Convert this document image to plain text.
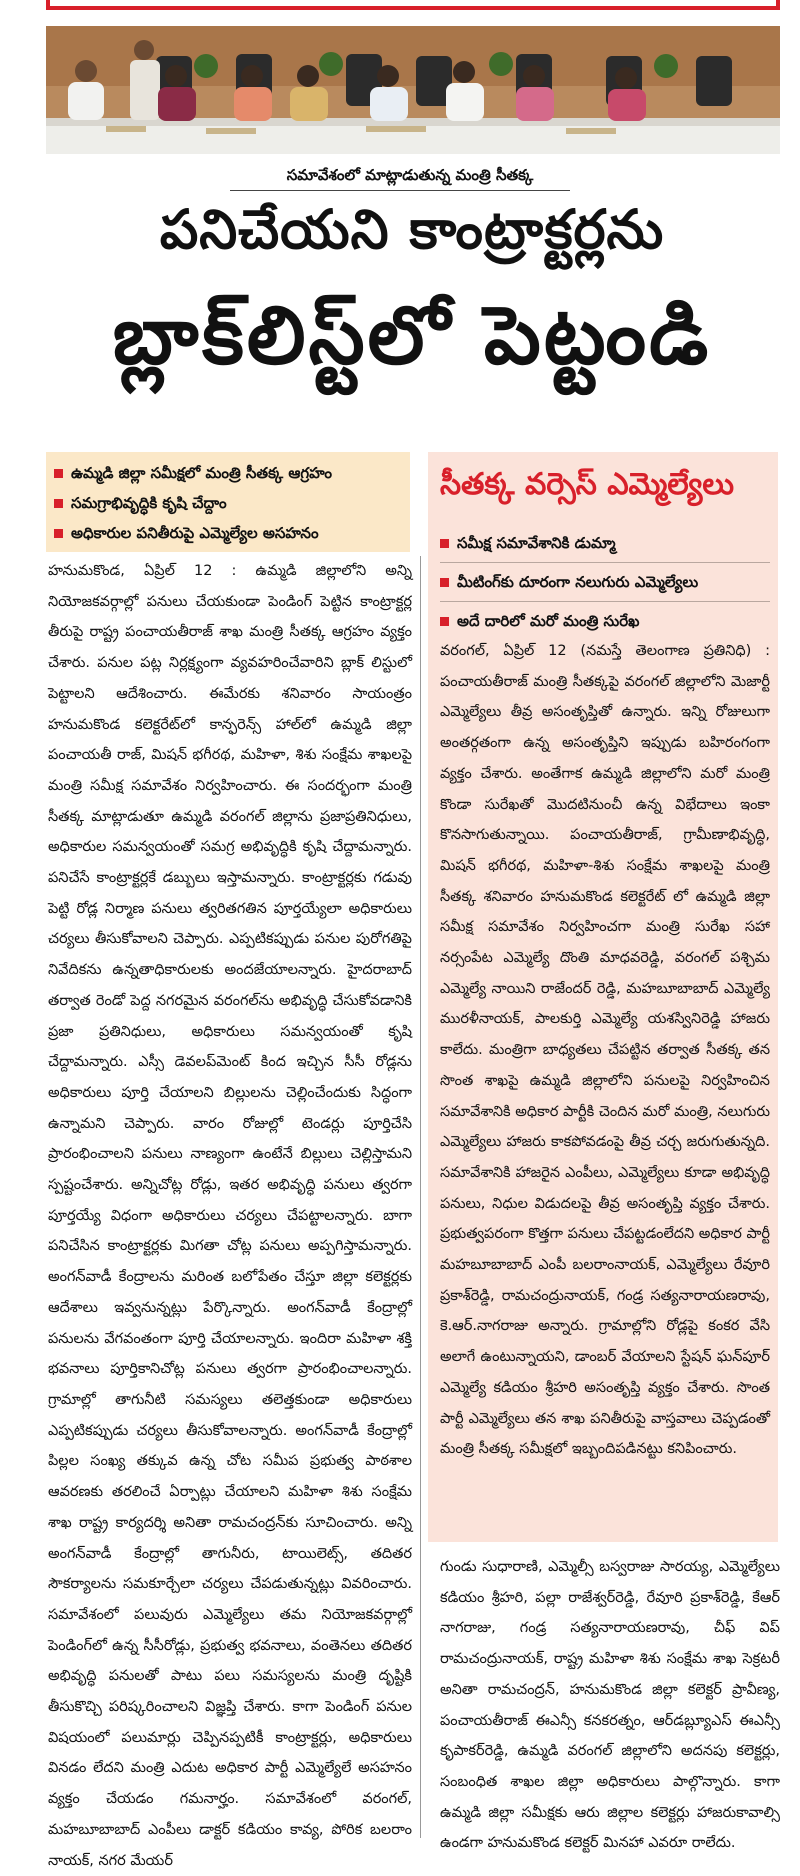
సమావేశంలో మాట్లాడుతున్న మంత్రి సీతక్క
పనిచేయని కాంట్రాక్టర్లను
బ్లాక్‌లిస్ట్‌లో పెట్టండి
ఉమ్మడి జిల్లా సమీక్షలో మంత్రి సీతక్క ఆగ్రహం
సమగ్రాభివృద్ధికి కృషి చేద్దాం
అధికారుల పనితీరుపై ఎమ్మెల్యేల అసహనం
సీతక్క వర్సెస్ ఎమ్మెల్యేలు
సమీక్ష సమావేశానికి డుమ్మా
మీటింగ్‌కు దూరంగా నలుగురు ఎమ్మెల్యేలు
అదే దారిలో మరో మంత్రి సురేఖ
హనుమకొండ, ఏప్రిల్ 12 : ఉమ్మడి జిల్లాలోని అన్ని నియోజకవర్గాల్లో పనులు చేయకుండా పెండింగ్ పెట్టిన కాంట్రాక్టర్ల తీరుపై రాష్ట్ర పంచాయతీరాజ్ శాఖ మంత్రి సీతక్క ఆగ్రహం వ్యక్తం చేశారు. పనుల పట్ల నిర్లక్ష్యంగా వ్యవహరించేవారిని బ్లాక్ లిస్టులో పెట్టాలని ఆదేశించారు. ఈమేరకు శనివారం సాయంత్రం హనుమకొండ కలెక్టరేట్‌లో కాన్ఫరెన్స్ హాల్‌లో ఉమ్మడి జిల్లా పంచాయతీ రాజ్, మిషన్ భగీరథ, మహిళా, శిశు సంక్షేమ శాఖలపై మంత్రి సమీక్ష సమావేశం నిర్వహించారు. ఈ సందర్భంగా మంత్రి సీతక్క మాట్లాడుతూ ఉమ్మడి వరంగల్ జిల్లాను ప్రజాప్రతినిధులు, అధికారుల సమన్వయంతో సమగ్ర అభివృద్ధికి కృషి చేద్దామన్నారు. పనిచేసే కాంట్రాక్టర్లకే డబ్బులు ఇస్తామన్నారు. కాంట్రాక్టర్లకు గడువు పెట్టి రోడ్ల నిర్మాణ పనులు త్వరితగతిన పూర్తయ్యేలా అధికారులు చర్యలు తీసుకోవాలని చెప్పారు. ఎప్పటికప్పుడు పనుల పురోగతిపై నివేదికను ఉన్నతాధికారులకు అందజేయాలన్నారు. హైదరాబాద్ తర్వాత రెండో పెద్ద నగరమైన వరంగల్‌ను అభివృద్ధి చేసుకోవడానికి ప్రజా ప్రతినిధులు, అధికారులు సమన్వయంతో కృషి చేద్దామన్నారు. ఎస్సీ డెవలప్‌మెంట్ కింద ఇచ్చిన సీసీ రోడ్లను అధికారులు పూర్తి చేయాలని బిల్లులను చెల్లించేందుకు సిద్ధంగా ఉన్నామని చెప్పారు. వారం రోజుల్లో టెండర్లు పూర్తిచేసి ప్రారంభించాలని పనులు నాణ్యంగా ఉంటేనే బిల్లులు చెల్లిస్తామని స్పష్టంచేశారు. అన్నిచోట్ల రోడ్లు, ఇతర అభివృద్ధి పనులు త్వరగా పూర్తయ్యే విధంగా అధికారులు చర్యలు చేపట్టాలన్నారు. బాగా పనిచేసిన కాంట్రాక్టర్లకు మిగతా చోట్ల పనులు అప్పగిస్తామన్నారు. అంగన్‌వాడీ కేంద్రాలను మరింత బలోపేతం చేస్తూ జిల్లా కలెక్టర్లకు ఆదేశాలు ఇవ్వనున్నట్లు పేర్కొన్నారు. అంగన్‌వాడీ కేంద్రాల్లో పనులను వేగవంతంగా పూర్తి చేయాలన్నారు. ఇందిరా మహిళా శక్తి భవనాలు పూర్తికానిచోట్ల పనులు త్వరగా ప్రారంభించాలన్నారు. గ్రామాల్లో తాగునీటి సమస్యలు తలెత్తకుండా అధికారులు ఎప్పటికప్పుడు చర్యలు తీసుకోవాలన్నారు. అంగన్‌వాడీ కేంద్రాల్లో పిల్లల సంఖ్య తక్కువ ఉన్న చోట సమీప ప్రభుత్వ పాఠశాల ఆవరణకు తరలించే ఏర్పాట్లు చేయాలని మహిళా శిశు సంక్షేమ శాఖ రాష్ట్ర కార్యదర్శి అనితా రామచంద్రన్‌కు సూచించారు. అన్ని అంగన్‌వాడీ కేంద్రాల్లో తాగునీరు, టాయిలెట్స్, తదితర సౌకర్యాలను సమకూర్చేలా చర్యలు చేపడుతున్నట్లు వివరించారు. సమావేశంలో పలువురు ఎమ్మెల్యేలు తమ నియోజకవర్గాల్లో పెండింగ్‌లో ఉన్న సీసీరోడ్లు, ప్రభుత్వ భవనాలు, వంతెనలు తదితర అభివృద్ధి పనులతో పాటు పలు సమస్యలను మంత్రి దృష్టికి తీసుకొచ్చి పరిష్కరించాలని విజ్ఞప్తి చేశారు. కాగా పెండింగ్ పనుల విషయంలో పలుమార్లు చెప్పినప్పటికీ కాంట్రాక్టర్లు, అధికారులు వినడం లేదని మంత్రి ఎదుట అధికార పార్టీ ఎమ్మెల్యేలే అసహనం వ్యక్తం చేయడం గమనార్హం. సమావేశంలో వరంగల్, మహబూబాబాద్ ఎంపీలు డాక్టర్ కడియం కావ్య, పోరిక బలరాం నాయక్, నగర మేయర్
వరంగల్, ఏప్రిల్ 12 (నమస్తే తెలంగాణ ప్రతినిధి) : పంచాయతీరాజ్ మంత్రి సీతక్కపై వరంగల్ జిల్లాలోని మెజార్టీ ఎమ్మెల్యేలు తీవ్ర అసంతృప్తితో ఉన్నారు. ఇన్ని రోజులుగా అంతర్గతంగా ఉన్న అసంతృప్తిని ఇప్పుడు బహిరంగంగా వ్యక్తం చేశారు. అంతేగాక ఉమ్మడి జిల్లాలోని మరో మంత్రి కొండా సురేఖతో మొదటినుంచీ ఉన్న విభేదాలు ఇంకా కొనసాగుతున్నాయి. పంచాయతీరాజ్, గ్రామీణాభివృద్ధి, మిషన్ భగీరథ, మహిళా-శిశు సంక్షేమ శాఖలపై మంత్రి సీతక్క శనివారం హనుమకొండ కలెక్టరేట్ లో ఉమ్మడి జిల్లా సమీక్ష సమావేశం నిర్వహించగా మంత్రి సురేఖ సహా నర్సంపేట ఎమ్మెల్యే దొంతి మాధవరెడ్డి, వరంగల్ పశ్చిమ ఎమ్మెల్యే నాయిని రాజేందర్ రెడ్డి, మహబూబాబాద్ ఎమ్మెల్యే మురళీనాయక్, పాలకుర్తి ఎమ్మెల్యే యశస్వినిరెడ్డి హాజరు కాలేదు. మంత్రిగా బాధ్యతలు చేపట్టిన తర్వాత సీతక్క తన సొంత శాఖపై ఉమ్మడి జిల్లాలోని పనులపై నిర్వహించిన సమావేశానికి అధికార పార్టీకి చెందిన మరో మంత్రి, నలుగురు ఎమ్మెల్యేలు హాజరు కాకపోవడంపై తీవ్ర చర్చ జరుగుతున్నది. సమావేశానికి హాజరైన ఎంపీలు, ఎమ్మెల్యేలు కూడా అభివృద్ధి పనులు, నిధుల విడుదలపై తీవ్ర అసంతృప్తి వ్యక్తం చేశారు. ప్రభుత్వపరంగా కొత్తగా పనులు చేపట్టడంలేదని అధికార పార్టీ మహబూబాబాద్ ఎంపీ బలరాంనాయక్, ఎమ్మెల్యేలు రేవూరి ప్రకాశ్‌రెడ్డి, రామచంద్రునాయక్, గండ్ర సత్యనారాయణరావు, కె.ఆర్.నాగరాజు అన్నారు. గ్రామాల్లోని రోడ్లపై కంకర వేసి అలాగే ఉంటున్నాయని, డాంబర్ వేయాలని స్టేషన్ ఘన్‌పూర్ ఎమ్మెల్యే కడియం శ్రీహరి అసంతృప్తి వ్యక్తం చేశారు. సొంత పార్టీ ఎమ్మెల్యేలు తన శాఖ పనితీరుపై వాస్తవాలు చెప్పడంతో మంత్రి సీతక్క సమీక్షలో ఇబ్బందిపడినట్టు కనిపించారు.
గుండు సుధారాణి, ఎమ్మెల్సీ బస్వరాజు సారయ్య, ఎమ్మెల్యేలు కడియం శ్రీహరి, పల్లా రాజేశ్వర్‌రెడ్డి, రేవూరి ప్రకాశ్‌రెడ్డి, కేఆర్ నాగరాజు, గండ్ర సత్యనారాయణరావు, చీఫ్ విప్ రామచంద్రునాయక్, రాష్ట్ర మహిళా శిశు సంక్షేమ శాఖ సెక్రటరీ అనితా రామచంద్రన్, హనుమకొండ జిల్లా కలెక్టర్ ప్రావీణ్య, పంచాయతీరాజ్ ఈఎన్సీ కనకరత్నం, ఆర్‌డబ్ల్యూఎస్ ఈఎన్సీ కృపాకర్‌రెడ్డి, ఉమ్మడి వరంగల్ జిల్లాలోని అదనపు కలెక్టర్లు, సంబంధిత శాఖల జిల్లా అధికారులు పాల్గొన్నారు. కాగా ఉమ్మడి జిల్లా సమీక్షకు ఆరు జిల్లాల కలెక్టర్లు హాజరుకావాల్సి ఉండగా హనుమకొండ కలెక్టర్ మినహా ఎవరూ రాలేదు.
